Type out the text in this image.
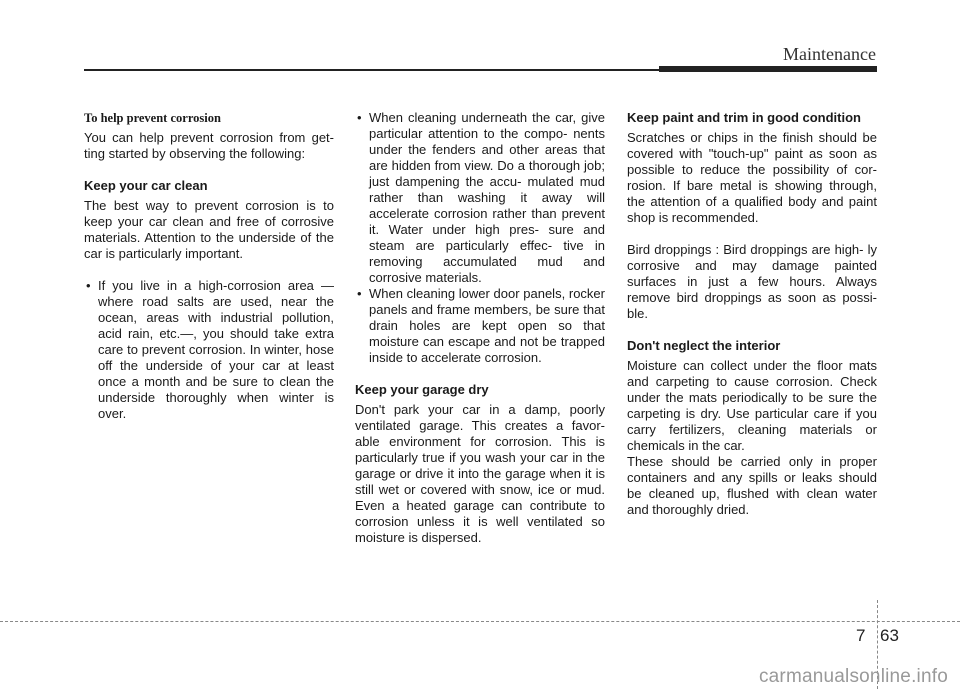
Maintenance

To help prevent corrosion

You can help prevent corrosion from get- ting started by observing the following:

Keep your car clean

The best way to prevent corrosion is to keep your car clean and free of corrosive materials. Attention to the underside of the car is particularly important.

• If you live in a high-corrosion area — where road salts are used, near the ocean, areas with industrial pollution, acid rain, etc.—, you should take extra care to prevent corrosion. In winter, hose off the underside of your car at least once a month and be sure to clean the underside thoroughly when winter is over.
• When cleaning underneath the car, give particular attention to the compo- nents under the fenders and other areas that are hidden from view. Do a thorough job; just dampening the accu- mulated mud rather than washing it away will accelerate corrosion rather than prevent it. Water under high pres- sure and steam are particularly effec- tive in removing accumulated mud and corrosive materials.
• When cleaning lower door panels, rocker panels and frame members, be sure that drain holes are kept open so that moisture can escape and not be trapped inside to accelerate corrosion.

Keep your garage dry

Don't park your car in a damp, poorly ventilated garage. This creates a favor- able environment for corrosion. This is particularly true if you wash your car in the garage or drive it into the garage when it is still wet or covered with snow, ice or mud. Even a heated garage can contribute to corrosion unless it is well ventilated so moisture is dispersed.

Keep paint and trim in good condition

Scratches or chips in the finish should be covered with "touch-up" paint as soon as possible to reduce the possibility of cor- rosion. If bare metal is showing through, the attention of a qualified body and paint shop is recommended.

Bird droppings : Bird droppings are high- ly corrosive and may damage painted surfaces in just a few hours. Always remove bird droppings as soon as possi- ble.

Don't neglect the interior

Moisture can collect under the floor mats and carpeting to cause corrosion. Check under the mats periodically to be sure the carpeting is dry. Use particular care if you carry fertilizers, cleaning materials or chemicals in the car.

These should be carried only in proper containers and any spills or leaks should be cleaned up, flushed with clean water and thoroughly dried.

7 63
carmanualsonline.info
